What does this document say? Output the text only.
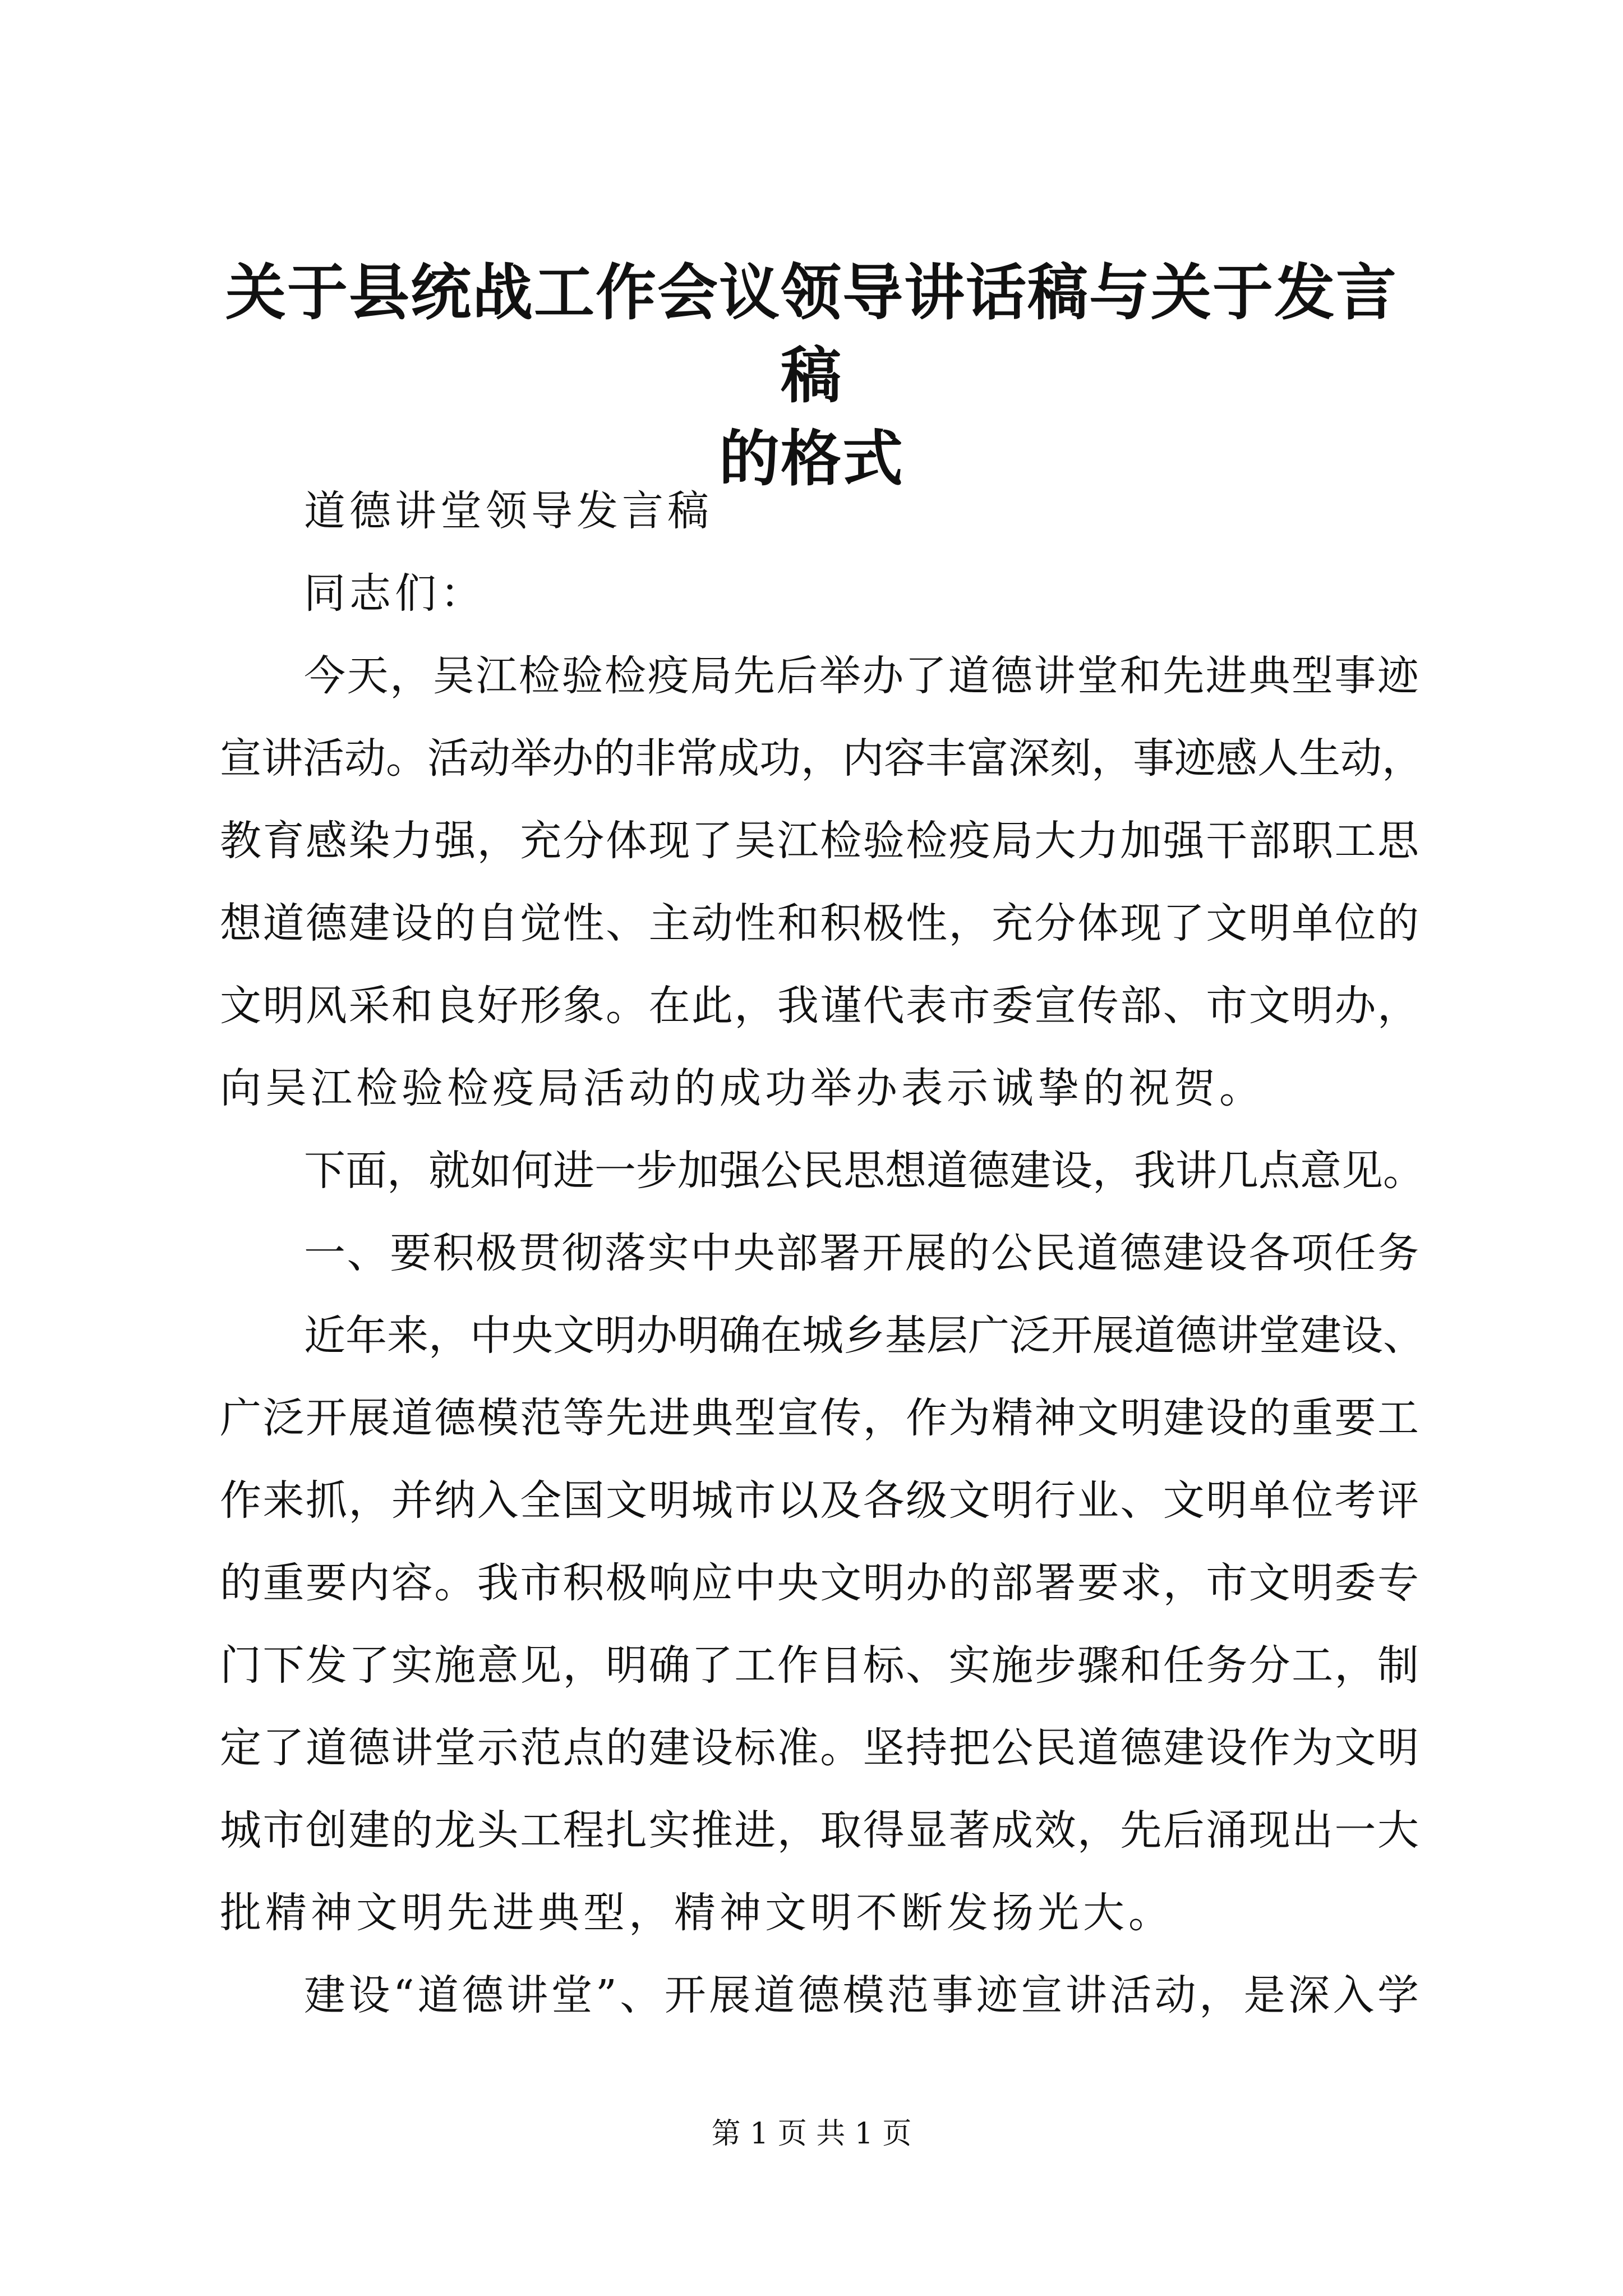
关于县统战工作会议领导讲话稿与关于发言稿
的格式
道德讲堂领导发言稿
同志们：
今天，吴江检验检疫局先后举办了道德讲堂和先进典型事迹
宣讲活动。活动举办的非常成功，内容丰富深刻，事迹感人生动，
教育感染力强，充分体现了吴江检验检疫局大力加强干部职工思
想道德建设的自觉性、主动性和积极性，充分体现了文明单位的
文明风采和良好形象。在此，我谨代表市委宣传部、市文明办，
向吴江检验检疫局活动的成功举办表示诚挚的祝贺。
下面，就如何进一步加强公民思想道德建设，我讲几点意见。
一、要积极贯彻落实中央部署开展的公民道德建设各项任务
近年来，中央文明办明确在城乡基层广泛开展道德讲堂建设、
广泛开展道德模范等先进典型宣传，作为精神文明建设的重要工
作来抓，并纳入全国文明城市以及各级文明行业、文明单位考评
的重要内容。我市积极响应中央文明办的部署要求，市文明委专
门下发了实施意见，明确了工作目标、实施步骤和任务分工，制
定了道德讲堂示范点的建设标准。坚持把公民道德建设作为文明
城市创建的龙头工程扎实推进，取得显著成效，先后涌现出一大
批精神文明先进典型，精神文明不断发扬光大。
建设“道德讲堂”、开展道德模范事迹宣讲活动，是深入学
第 1 页 共 1 页
